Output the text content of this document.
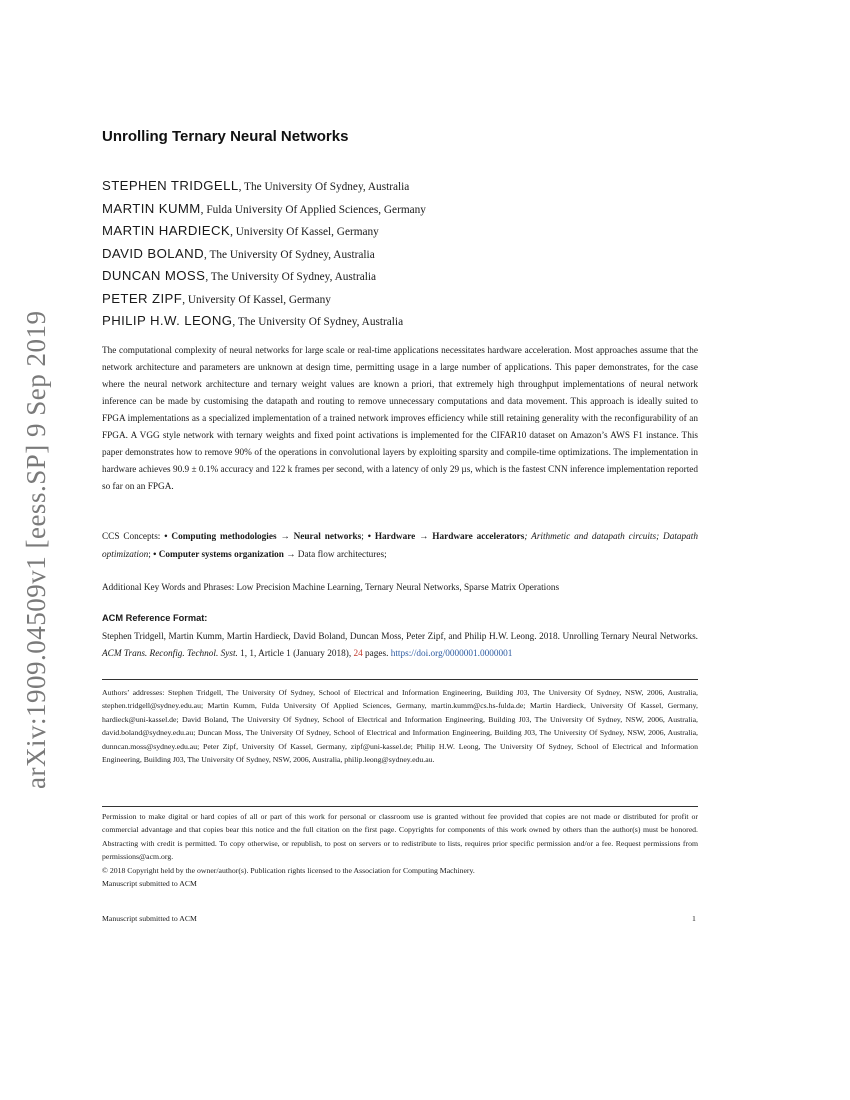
arXiv:1909.04509v1 [eess.SP] 9 Sep 2019
Unrolling Ternary Neural Networks
STEPHEN TRIDGELL, The University Of Sydney, Australia
MARTIN KUMM, Fulda University Of Applied Sciences, Germany
MARTIN HARDIECK, University Of Kassel, Germany
DAVID BOLAND, The University Of Sydney, Australia
DUNCAN MOSS, The University Of Sydney, Australia
PETER ZIPF, University Of Kassel, Germany
PHILIP H.W. LEONG, The University Of Sydney, Australia
The computational complexity of neural networks for large scale or real-time applications necessitates hardware acceleration. Most approaches assume that the network architecture and parameters are unknown at design time, permitting usage in a large number of applications. This paper demonstrates, for the case where the neural network architecture and ternary weight values are known a priori, that extremely high throughput implementations of neural network inference can be made by customising the datapath and routing to remove unnecessary computations and data movement. This approach is ideally suited to FPGA implementations as a specialized implementation of a trained network improves efficiency while still retaining generality with the reconfigurability of an FPGA. A VGG style network with ternary weights and fixed point activations is implemented for the CIFAR10 dataset on Amazon’s AWS F1 instance. This paper demonstrates how to remove 90% of the operations in convolutional layers by exploiting sparsity and compile-time optimizations. The implementation in hardware achieves 90.9 ± 0.1% accuracy and 122 k frames per second, with a latency of only 29 µs, which is the fastest CNN inference implementation reported so far on an FPGA.
CCS Concepts: • Computing methodologies → Neural networks; • Hardware → Hardware accelerators; Arithmetic and datapath circuits; Datapath optimization; • Computer systems organization → Data flow architectures;
Additional Key Words and Phrases: Low Precision Machine Learning, Ternary Neural Networks, Sparse Matrix Operations
ACM Reference Format:
Stephen Tridgell, Martin Kumm, Martin Hardieck, David Boland, Duncan Moss, Peter Zipf, and Philip H.W. Leong. 2018. Unrolling Ternary Neural Networks. ACM Trans. Reconfig. Technol. Syst. 1, 1, Article 1 (January 2018), 24 pages. https://doi.org/0000001.0000001
Authors’ addresses: Stephen Tridgell, The University Of Sydney, School of Electrical and Information Engineering, Building J03, The University Of Sydney, NSW, 2006, Australia, stephen.tridgell@sydney.edu.au; Martin Kumm, Fulda University Of Applied Sciences, Germany, martin.kumm@cs.hs-fulda.de; Martin Hardieck, University Of Kassel, Germany, hardieck@uni-kassel.de; David Boland, The University Of Sydney, School of Electrical and Information Engineering, Building J03, The University Of Sydney, NSW, 2006, Australia, david.boland@sydney.edu.au; Duncan Moss, The University Of Sydney, School of Electrical and Information Engineering, Building J03, The University Of Sydney, NSW, 2006, Australia, dunncan.moss@sydney.edu.au; Peter Zipf, University Of Kassel, Germany, zipf@uni-kassel.de; Philip H.W. Leong, The University Of Sydney, School of Electrical and Information Engineering, Building J03, The University Of Sydney, NSW, 2006, Australia, philip.leong@sydney.edu.au.
Permission to make digital or hard copies of all or part of this work for personal or classroom use is granted without fee provided that copies are not made or distributed for profit or commercial advantage and that copies bear this notice and the full citation on the first page. Copyrights for components of this work owned by others than the author(s) must be honored. Abstracting with credit is permitted. To copy otherwise, or republish, to post on servers or to redistribute to lists, requires prior specific permission and/or a fee. Request permissions from permissions@acm.org.
© 2018 Copyright held by the owner/author(s). Publication rights licensed to the Association for Computing Machinery.
Manuscript submitted to ACM
Manuscript submitted to ACM	1
